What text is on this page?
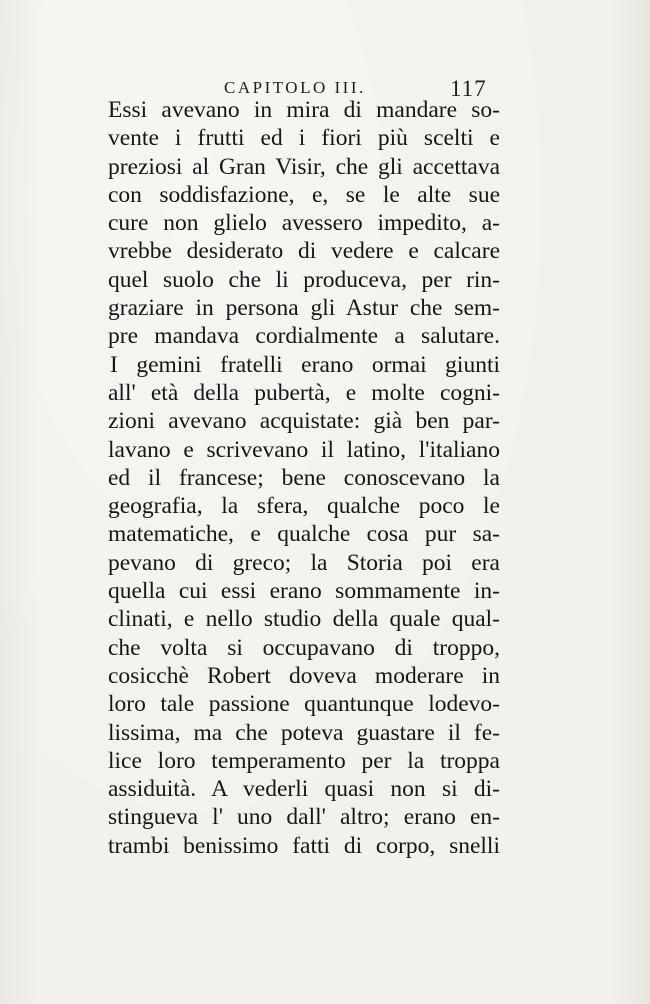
CAPITOLO III.	117
Essi avevano in mira di mandare so-
vente i frutti ed i fiori più scelti e
preziosi al Gran Visir, che gli accettava
con soddisfazione, e, se le alte sue
cure non glielo avessero impedito, a-
vrebbe desiderato di vedere e calcare
quel suolo che li produceva, per rin-
graziare in persona gli Astur che sem-
pre mandava cordialmente a salutare.
I gemini fratelli erano ormai giunti
all' età della pubertà, e molte cogni-
zioni avevano acquistate: già ben par-
lavano e scrivevano il latino, l'italiano
ed il francese; bene conoscevano la
geografia, la sfera, qualche poco le
matematiche, e qualche cosa pur sa-
pevano di greco; la Storia poi era
quella cui essi erano sommamente in-
clinati, e nello studio della quale qual-
che volta si occupavano di troppo,
cosicchè Robert doveva moderare in
loro tale passione quantunque lodevo-
lissima, ma che poteva guastare il fe-
lice loro temperamento per la troppa
assiduità. A vederli quasi non si di-
stingueva l' uno dall' altro; erano en-
trambi benissimo fatti di corpo, snelli
